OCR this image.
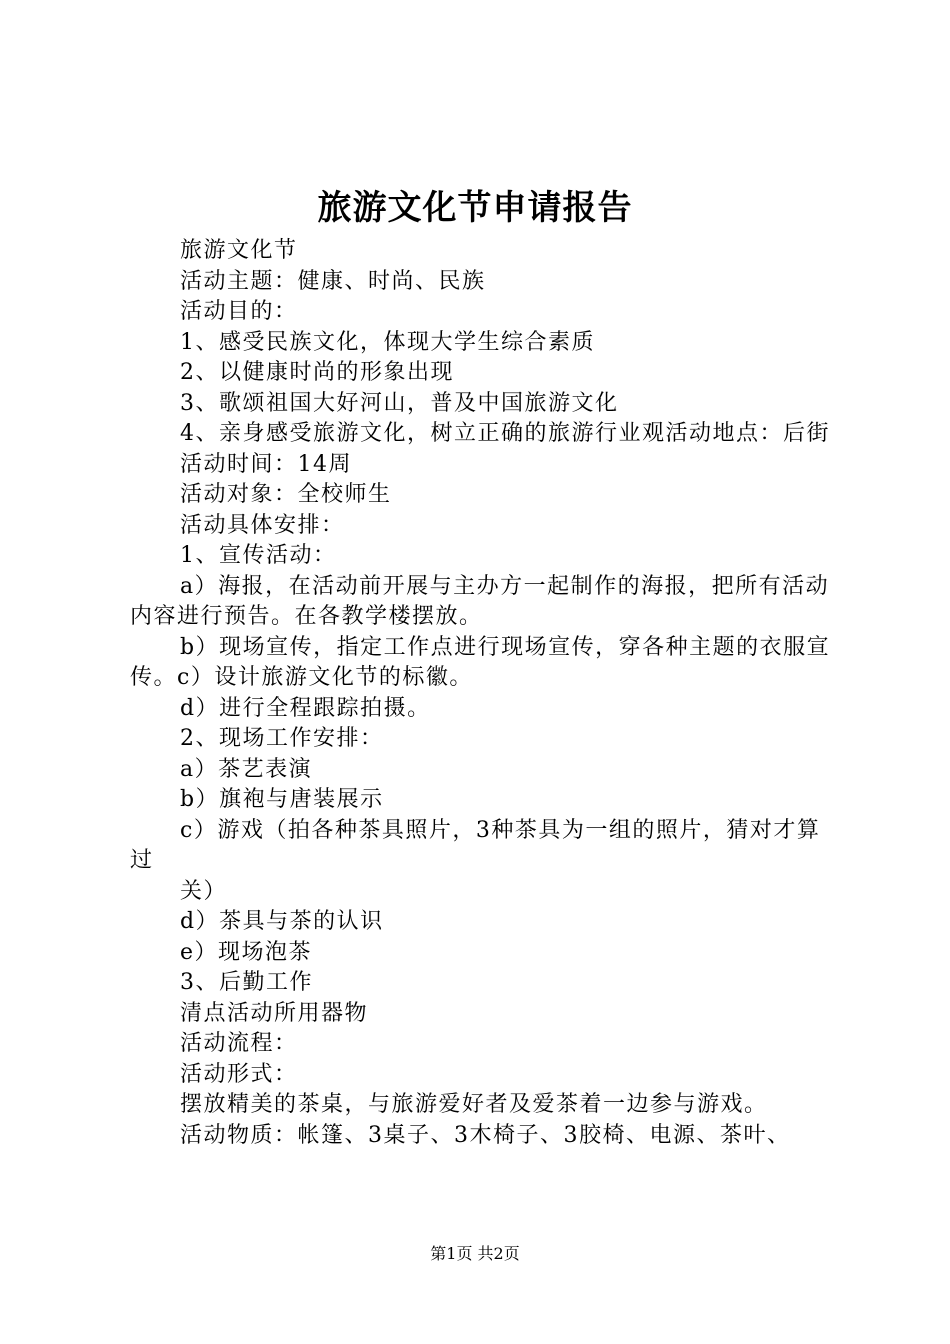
旅游文化节申请报告

旅游文化节

活动主题：健康、时尚、民族

活动目的：

1、感受民族文化，体现大学生综合素质

2、以健康时尚的形象出现

3、歌颂祖国大好河山，普及中国旅游文化

4、亲身感受旅游文化，树立正确的旅游行业观活动地点：后街

活动时间：14周

活动对象：全校师生

活动具体安排：

1、宣传活动：

a）海报，在活动前开展与主办方一起制作的海报，把所有活动内容进行预告。在各教学楼摆放。

b）现场宣传，指定工作点进行现场宣传，穿各种主题的衣服宣传。c）设计旅游文化节的标徽。

d）进行全程跟踪拍摄。

2、现场工作安排：

a）茶艺表演

b）旗袍与唐装展示

c）游戏（拍各种茶具照片，3种茶具为一组的照片，猜对才算过

关）

d）茶具与茶的认识

e）现场泡茶

3、后勤工作

清点活动所用器物

活动流程：

活动形式：

摆放精美的茶桌，与旅游爱好者及爱茶着一边参与游戏。

活动物质：帐篷、3桌子、3木椅子、3胶椅、电源、茶叶、

第1页 共2页
